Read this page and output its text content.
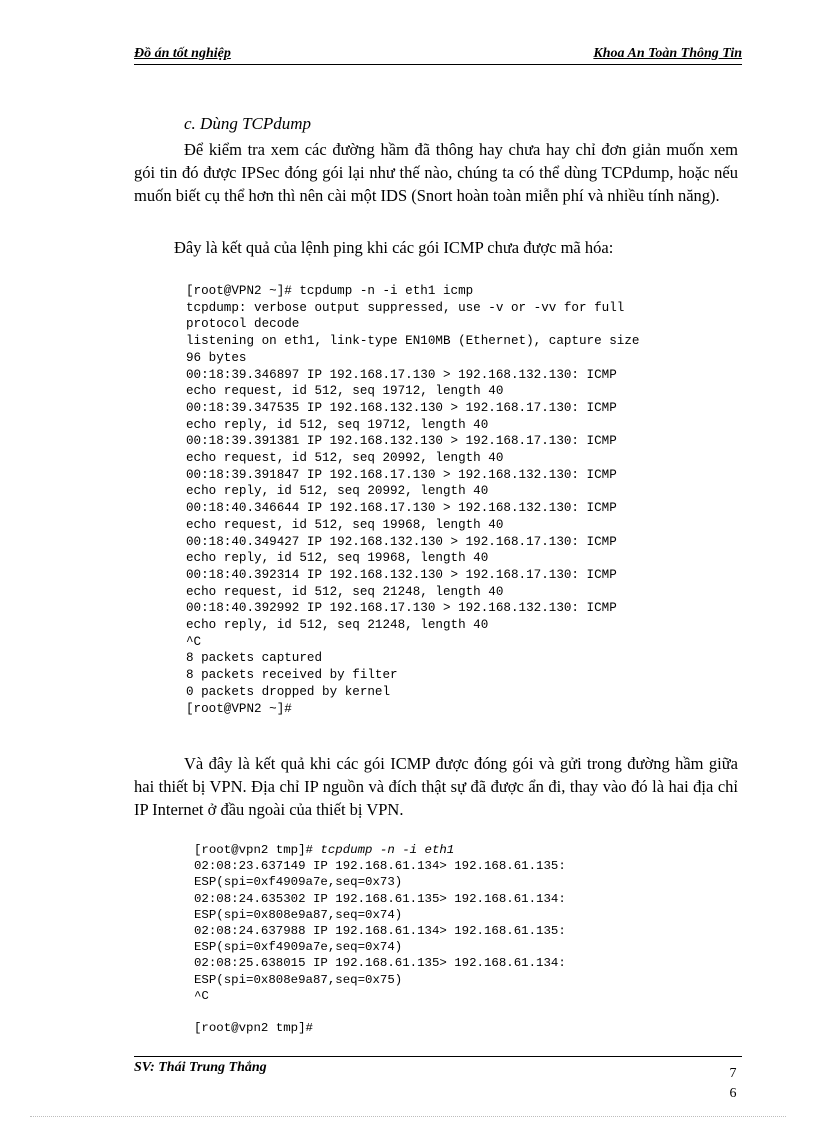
Đồ án tốt nghiệp	Khoa An Toàn Thông Tin
c. Dùng TCPdump
Để kiểm tra xem các đường hầm đã thông hay chưa hay chỉ đơn giản muốn xem gói tin đó được IPSec đóng gói lại như thế nào, chúng ta có thể dùng TCPdump, hoặc nếu muốn biết cụ thể hơn thì nên cài một IDS (Snort hoàn toàn miễn phí và nhiều tính năng).
Đây là kết quả của lệnh ping khi các gói ICMP chưa được mã hóa:
[root@VPN2 ~]# tcpdump -n -i eth1 icmp
tcpdump: verbose output suppressed, use -v or -vv for full
protocol decode
listening on eth1, link-type EN10MB (Ethernet), capture size
96 bytes
00:18:39.346897 IP 192.168.17.130 > 192.168.132.130: ICMP
echo request, id 512, seq 19712, length 40
00:18:39.347535 IP 192.168.132.130 > 192.168.17.130: ICMP
echo reply, id 512, seq 19712, length 40
00:18:39.391381 IP 192.168.132.130 > 192.168.17.130: ICMP
echo request, id 512, seq 20992, length 40
00:18:39.391847 IP 192.168.17.130 > 192.168.132.130: ICMP
echo reply, id 512, seq 20992, length 40
00:18:40.346644 IP 192.168.17.130 > 192.168.132.130: ICMP
echo request, id 512, seq 19968, length 40
00:18:40.349427 IP 192.168.132.130 > 192.168.17.130: ICMP
echo reply, id 512, seq 19968, length 40
00:18:40.392314 IP 192.168.132.130 > 192.168.17.130: ICMP
echo request, id 512, seq 21248, length 40
00:18:40.392992 IP 192.168.17.130 > 192.168.132.130: ICMP
echo reply, id 512, seq 21248, length 40
^C
8 packets captured
8 packets received by filter
0 packets dropped by kernel
[root@VPN2 ~]#
Và đây là kết quả khi các gói ICMP được đóng gói và gửi trong đường hầm giữa hai thiết bị VPN. Địa chỉ IP nguồn và đích thật sự đã được ẩn đi, thay vào đó là hai địa chỉ IP Internet ở đầu ngoài của thiết bị VPN.
[root@vpn2 tmp]# tcpdump -n -i eth1
02:08:23.637149 IP 192.168.61.134> 192.168.61.135:
ESP(spi=0xf4909a7e,seq=0x73)
02:08:24.635302 IP 192.168.61.135> 192.168.61.134:
ESP(spi=0x808e9a87,seq=0x74)
02:08:24.637988 IP 192.168.61.134> 192.168.61.135:
ESP(spi=0xf4909a7e,seq=0x74)
02:08:25.638015 IP 192.168.61.135> 192.168.61.134:
ESP(spi=0x808e9a87,seq=0x75)
^C

[root@vpn2 tmp]#
SV: Thái Trung Thắng	7
6
